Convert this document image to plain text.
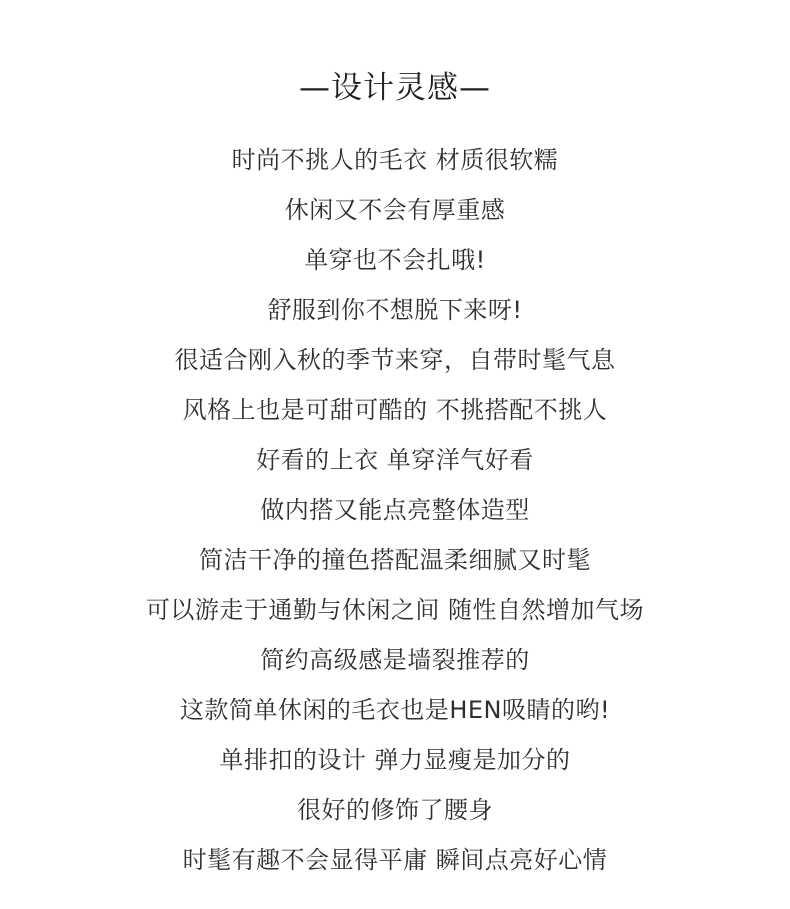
—设计灵感—
时尚不挑人的毛衣 材质很软糯
休闲又不会有厚重感
单穿也不会扎哦!
舒服到你不想脱下来呀!
很适合刚入秋的季节来穿，自带时髦气息
风格上也是可甜可酷的 不挑搭配不挑人
好看的上衣 单穿洋气好看
做内搭又能点亮整体造型
简洁干净的撞色搭配温柔细腻又时髦
可以游走于通勤与休闲之间 随性自然增加气场
简约高级感是墙裂推荐的
这款简单休闲的毛衣也是HEN吸睛的哟!
单排扣的设计 弹力显瘦是加分的
很好的修饰了腰身
时髦有趣不会显得平庸 瞬间点亮好心情
